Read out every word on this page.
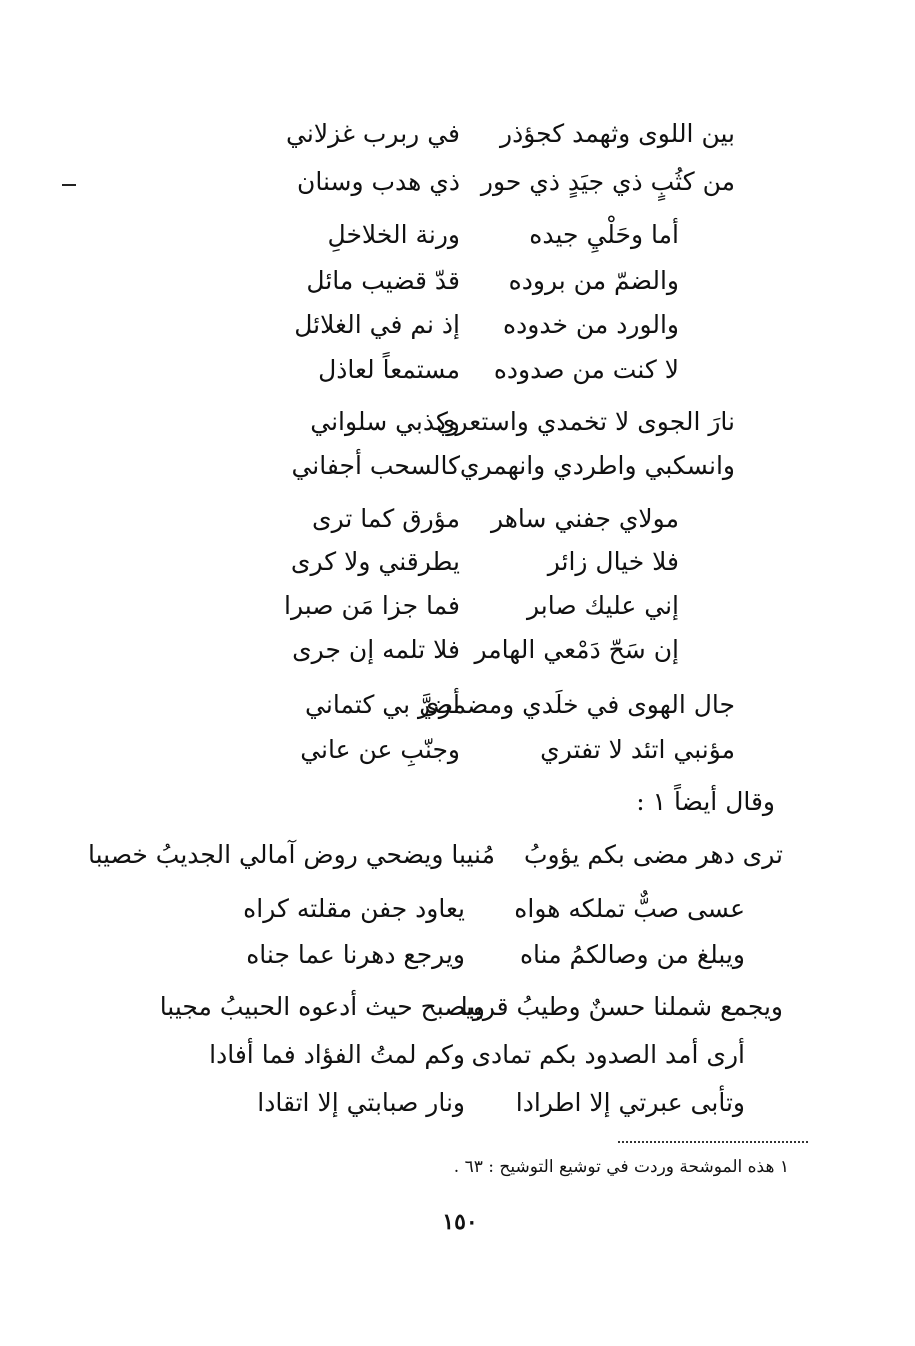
بين اللوى وثهمد كجؤذر
في ربرب غزلاني
من كثُبٍ ذي جيَدٍ ذي حور
ذي هدب وسنان
أما وحَلْيِ جيده
ورنة الخلاخلِ
والضمّ من بروده
قدّ قضيب مائل
والورد من خدوده
إذ نم في الغلائل
لا كنت من صدوده
مستمعاً لعاذل
نارَ الجوى لا تخمدي واستعري
وكذبي سلواني
وانسكبي واطردي وانهمري
كالسحب أجفاني
مولاي جفني ساهر
مؤرق كما ترى
فلا خيال زائر
يطرقني ولا كرى
إني عليك صابر
فما جزا مَن صبرا
إن سَحّ دَمْعي الهامر
فلا تلمه إن جرى
جال الهوى في خلَدي ومضمري
أضرَّ بي كتماني
مؤنبي اتئد لا تفتري
وجنّبِ عن عاني
وقال أيضاً ١ :
ترى دهر مضى بكم يؤوبُ
مُنيبا ويضحي روض آمالي الجديبُ خصيبا
عسى صبٌّ تملكه هواه
يعاود جفن مقلته كراه
ويبلغ من وصالكمُ مناه
ويرجع دهرنا عما جناه
ويجمع شملنا حسنٌ وطيبُ قريبا
ويصبح حيث أدعوه الحبيبُ مجيبا
أرى أمد الصدود بكم تمادى
وكم لمتُ الفؤاد فما أفادا
وتأبى عبرتي إلا اطرادا
ونار صبابتي إلا اتقادا
١ هذه الموشحة وردت في توشيع التوشيح : ٦٣ .
١٥٠
